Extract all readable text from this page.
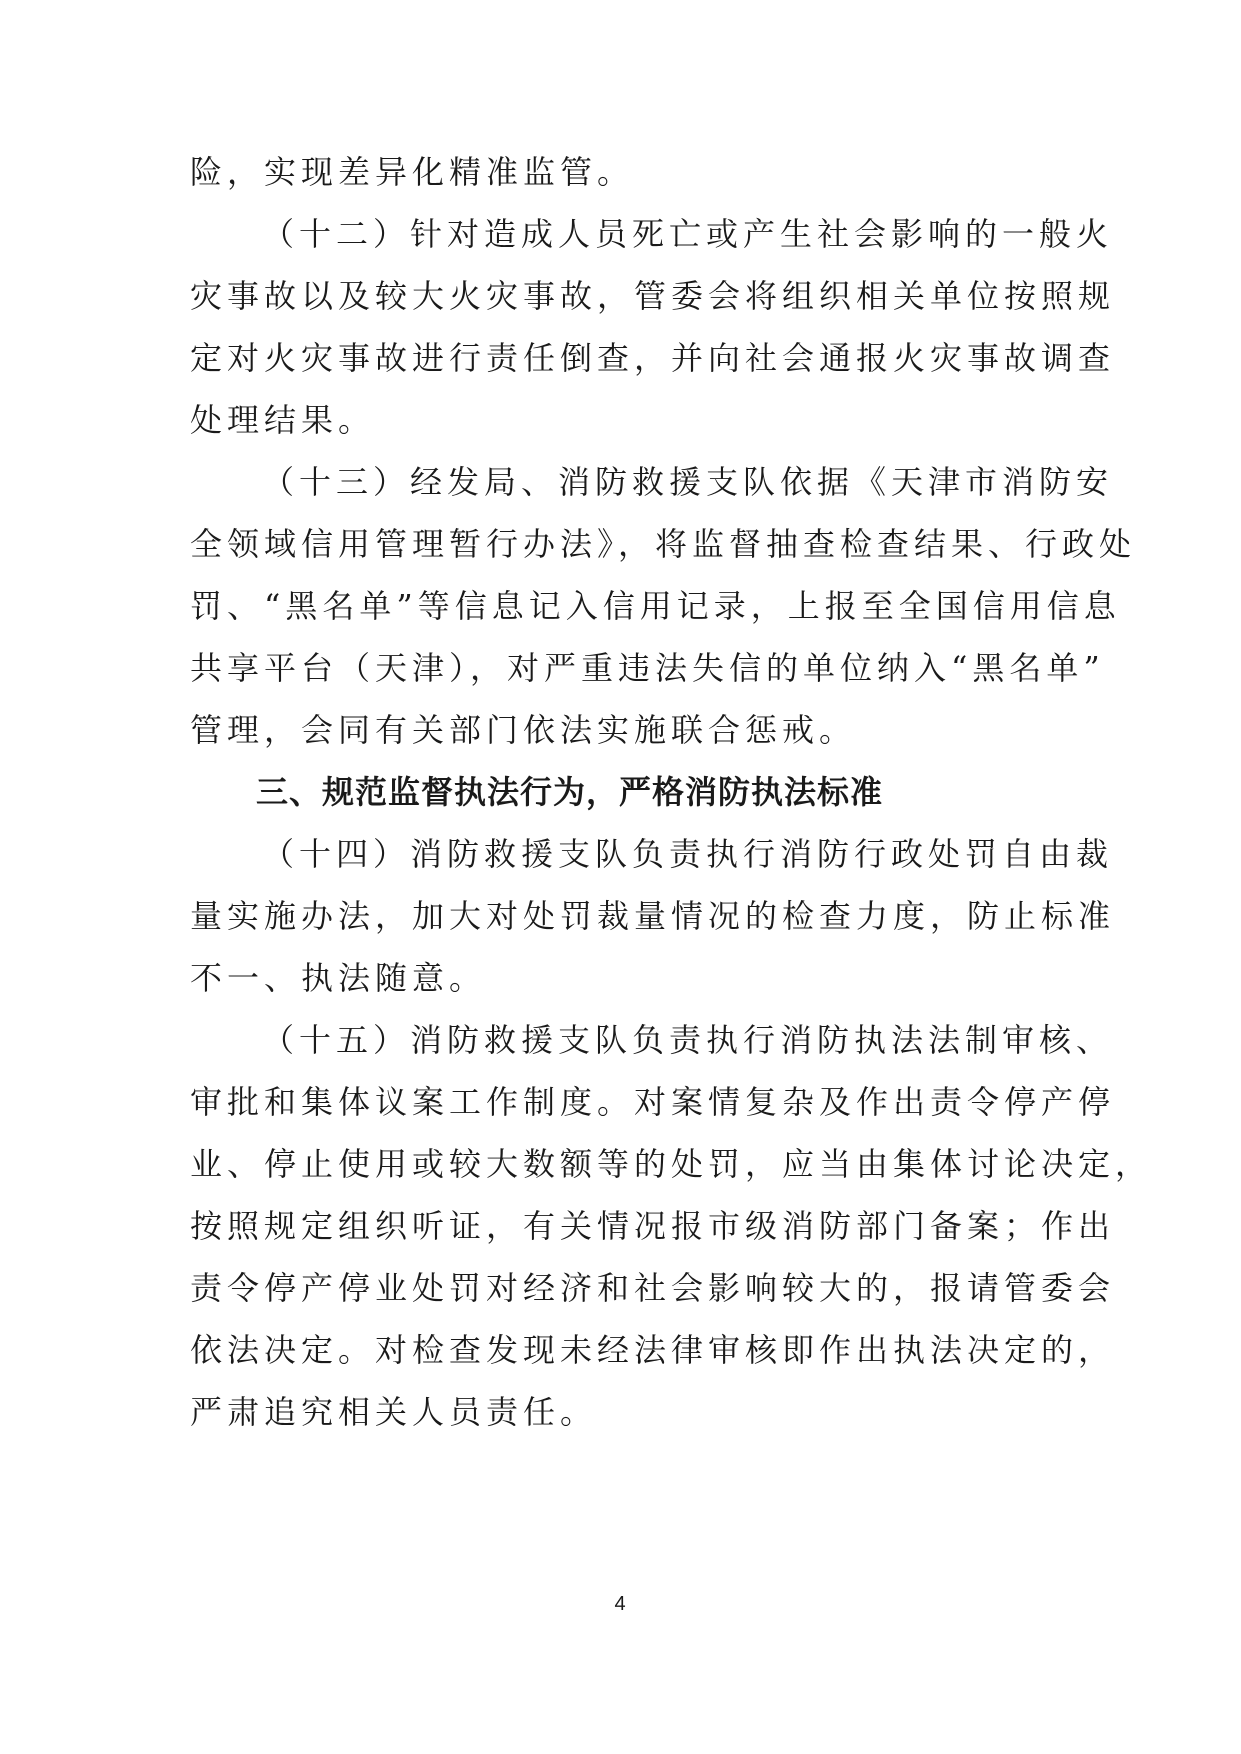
险，实现差异化精准监管。
（十二）针对造成人员死亡或产生社会影响的一般火
灾事故以及较大火灾事故，管委会将组织相关单位按照规
定对火灾事故进行责任倒查，并向社会通报火灾事故调查
处理结果。
（十三）经发局、消防救援支队依据《天津市消防安
全领域信用管理暂行办法》，将监督抽查检查结果、行政处
罚、“黑名单”等信息记入信用记录，上报至全国信用信息
共享平台（天津），对严重违法失信的单位纳入“黑名单”
管理，会同有关部门依法实施联合惩戒。
三、规范监督执法行为，严格消防执法标准
（十四）消防救援支队负责执行消防行政处罚自由裁
量实施办法，加大对处罚裁量情况的检查力度，防止标准
不一、执法随意。
（十五）消防救援支队负责执行消防执法法制审核、
审批和集体议案工作制度。对案情复杂及作出责令停产停
业、停止使用或较大数额等的处罚，应当由集体讨论决定，
按照规定组织听证，有关情况报市级消防部门备案；作出
责令停产停业处罚对经济和社会影响较大的，报请管委会
依法决定。对检查发现未经法律审核即作出执法决定的，
严肃追究相关人员责任。
4
